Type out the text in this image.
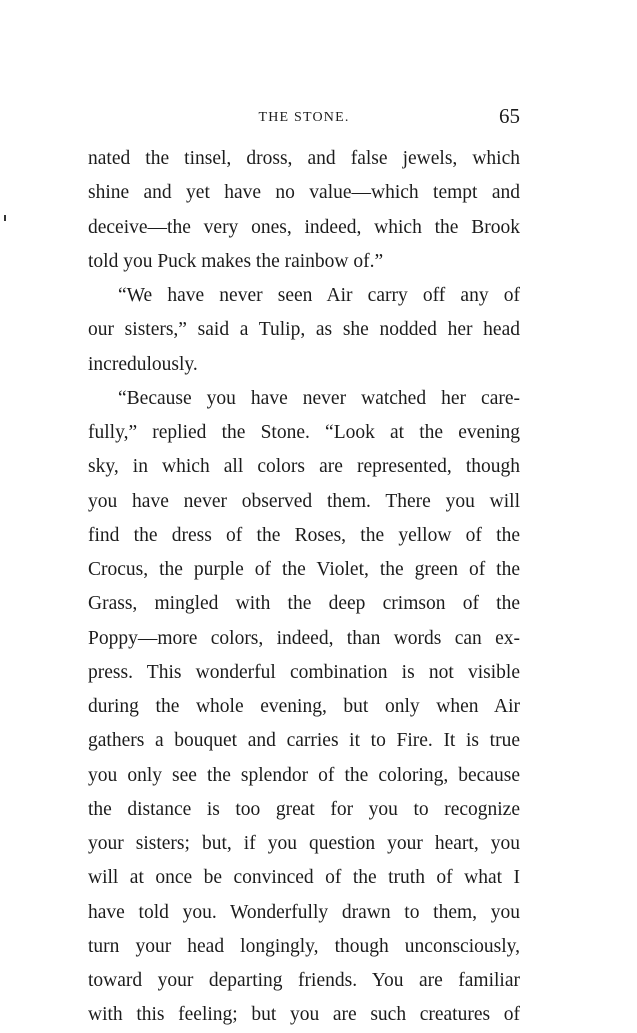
THE STONE.	65
nated the tinsel, dross, and false jewels, which
shine and yet have no value—which tempt and
deceive—the very ones, indeed, which the Brook
told you Puck makes the rainbow of.”
“We have never seen Air carry off any of
our sisters,” said a Tulip, as she nodded her head
incredulously.
“Because you have never watched her care-
fully,” replied the Stone. “Look at the evening
sky, in which all colors are represented, though
you have never observed them. There you will
find the dress of the Roses, the yellow of the
Crocus, the purple of the Violet, the green of the
Grass, mingled with the deep crimson of the
Poppy—more colors, indeed, than words can ex-
press. This wonderful combination is not visible
during the whole evening, but only when Air
gathers a bouquet and carries it to Fire. It is true
you only see the splendor of the coloring, because
the distance is too great for you to recognize
your sisters; but, if you question your heart, you
will at once be convinced of the truth of what I
have told you. Wonderfully drawn to them, you
turn your head longingly, though unconsciously,
toward your departing friends. You are familiar
with this feeling; but you are such creatures of
